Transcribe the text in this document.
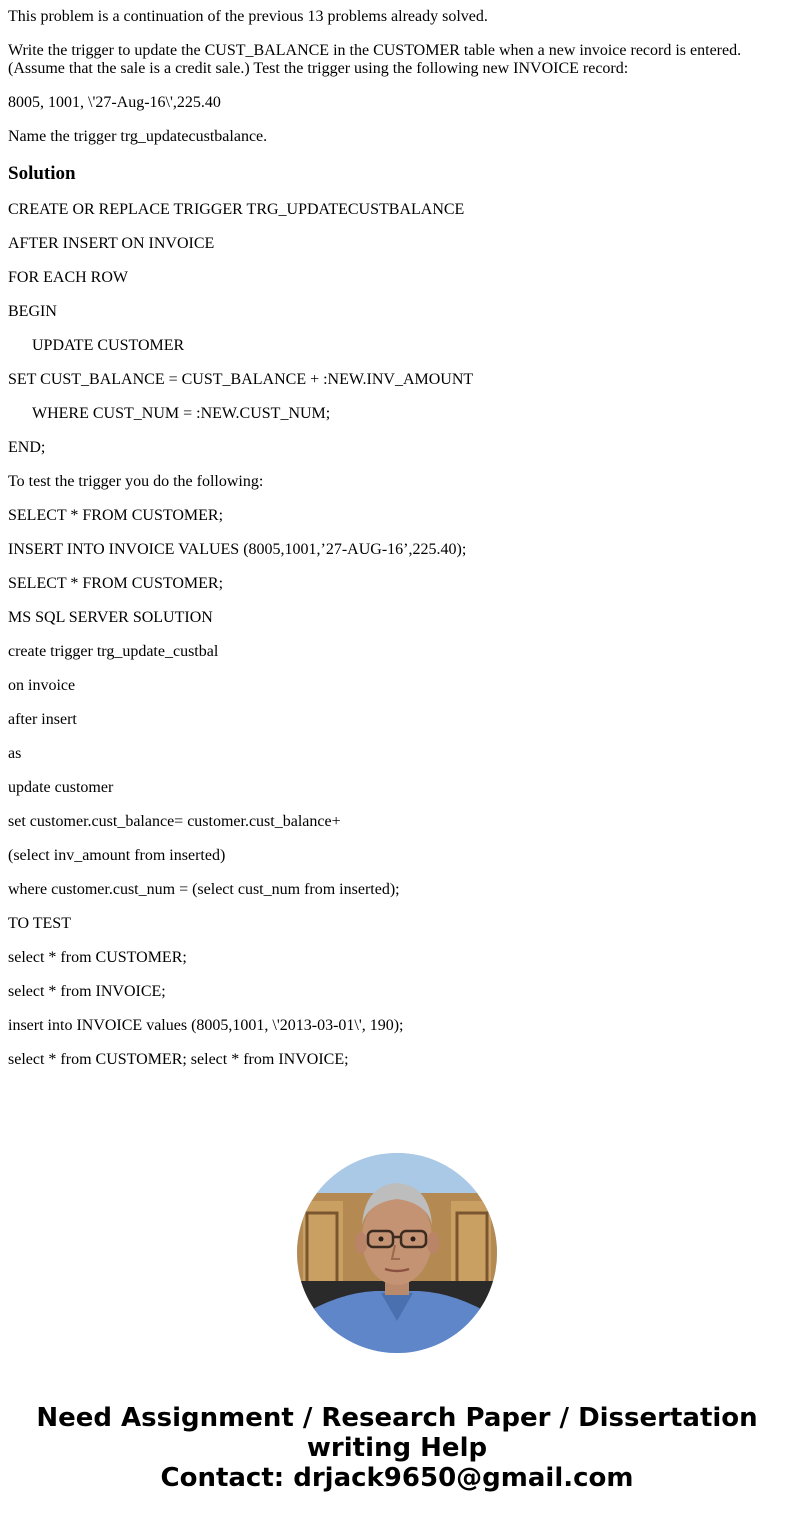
This problem is a continuation of the previous 13 problems already solved.

Write the trigger to update the CUST_BALANCE in the CUSTOMER table when a new invoice record is entered. (Assume that the sale is a credit sale.) Test the trigger using the following new INVOICE record:

8005, 1001, \'27-Aug-16\',225.40

Name the trigger trg_updatecustbalance.

Solution

CREATE OR REPLACE TRIGGER TRG_UPDATECUSTBALANCE

AFTER INSERT ON INVOICE

FOR EACH ROW

BEGIN

UPDATE CUSTOMER

SET CUST_BALANCE = CUST_BALANCE + :NEW.INV_AMOUNT

WHERE CUST_NUM = :NEW.CUST_NUM;

END;

To test the trigger you do the following:

SELECT * FROM CUSTOMER;

INSERT INTO INVOICE VALUES (8005,1001,’27-AUG-16’,225.40);

SELECT * FROM CUSTOMER;

MS SQL SERVER SOLUTION

create trigger trg_update_custbal

on invoice

after insert

as

update customer

set customer.cust_balance= customer.cust_balance+

(select inv_amount from inserted)

where customer.cust_num = (select cust_num from inserted);

TO TEST

select * from CUSTOMER;

select * from INVOICE;

insert into INVOICE values (8005,1001, \'2013-03-01\', 190);

select * from CUSTOMER; select * from INVOICE;

Need Assignment / Research Paper / Dissertation
writing Help
Contact: drjack9650@gmail.com
